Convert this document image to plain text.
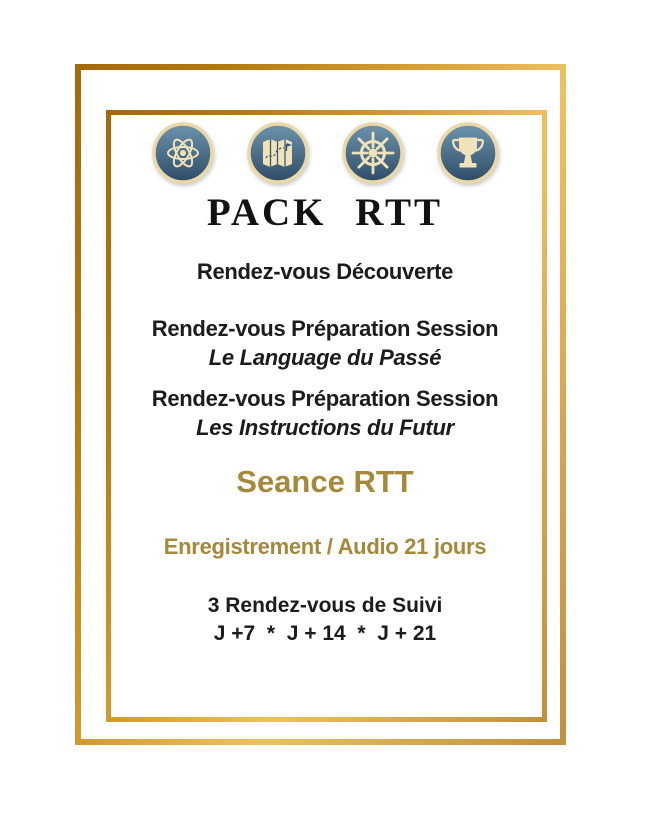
PACK RTT
Rendez-vous Découverte
Rendez-vous Préparation Session
Le Language du Passé
Rendez-vous Préparation Session
Les Instructions du Futur
Seance RTT
Enregistrement / Audio 21 jours
3 Rendez-vous de Suivi
J +7  *  J + 14  *  J + 21
